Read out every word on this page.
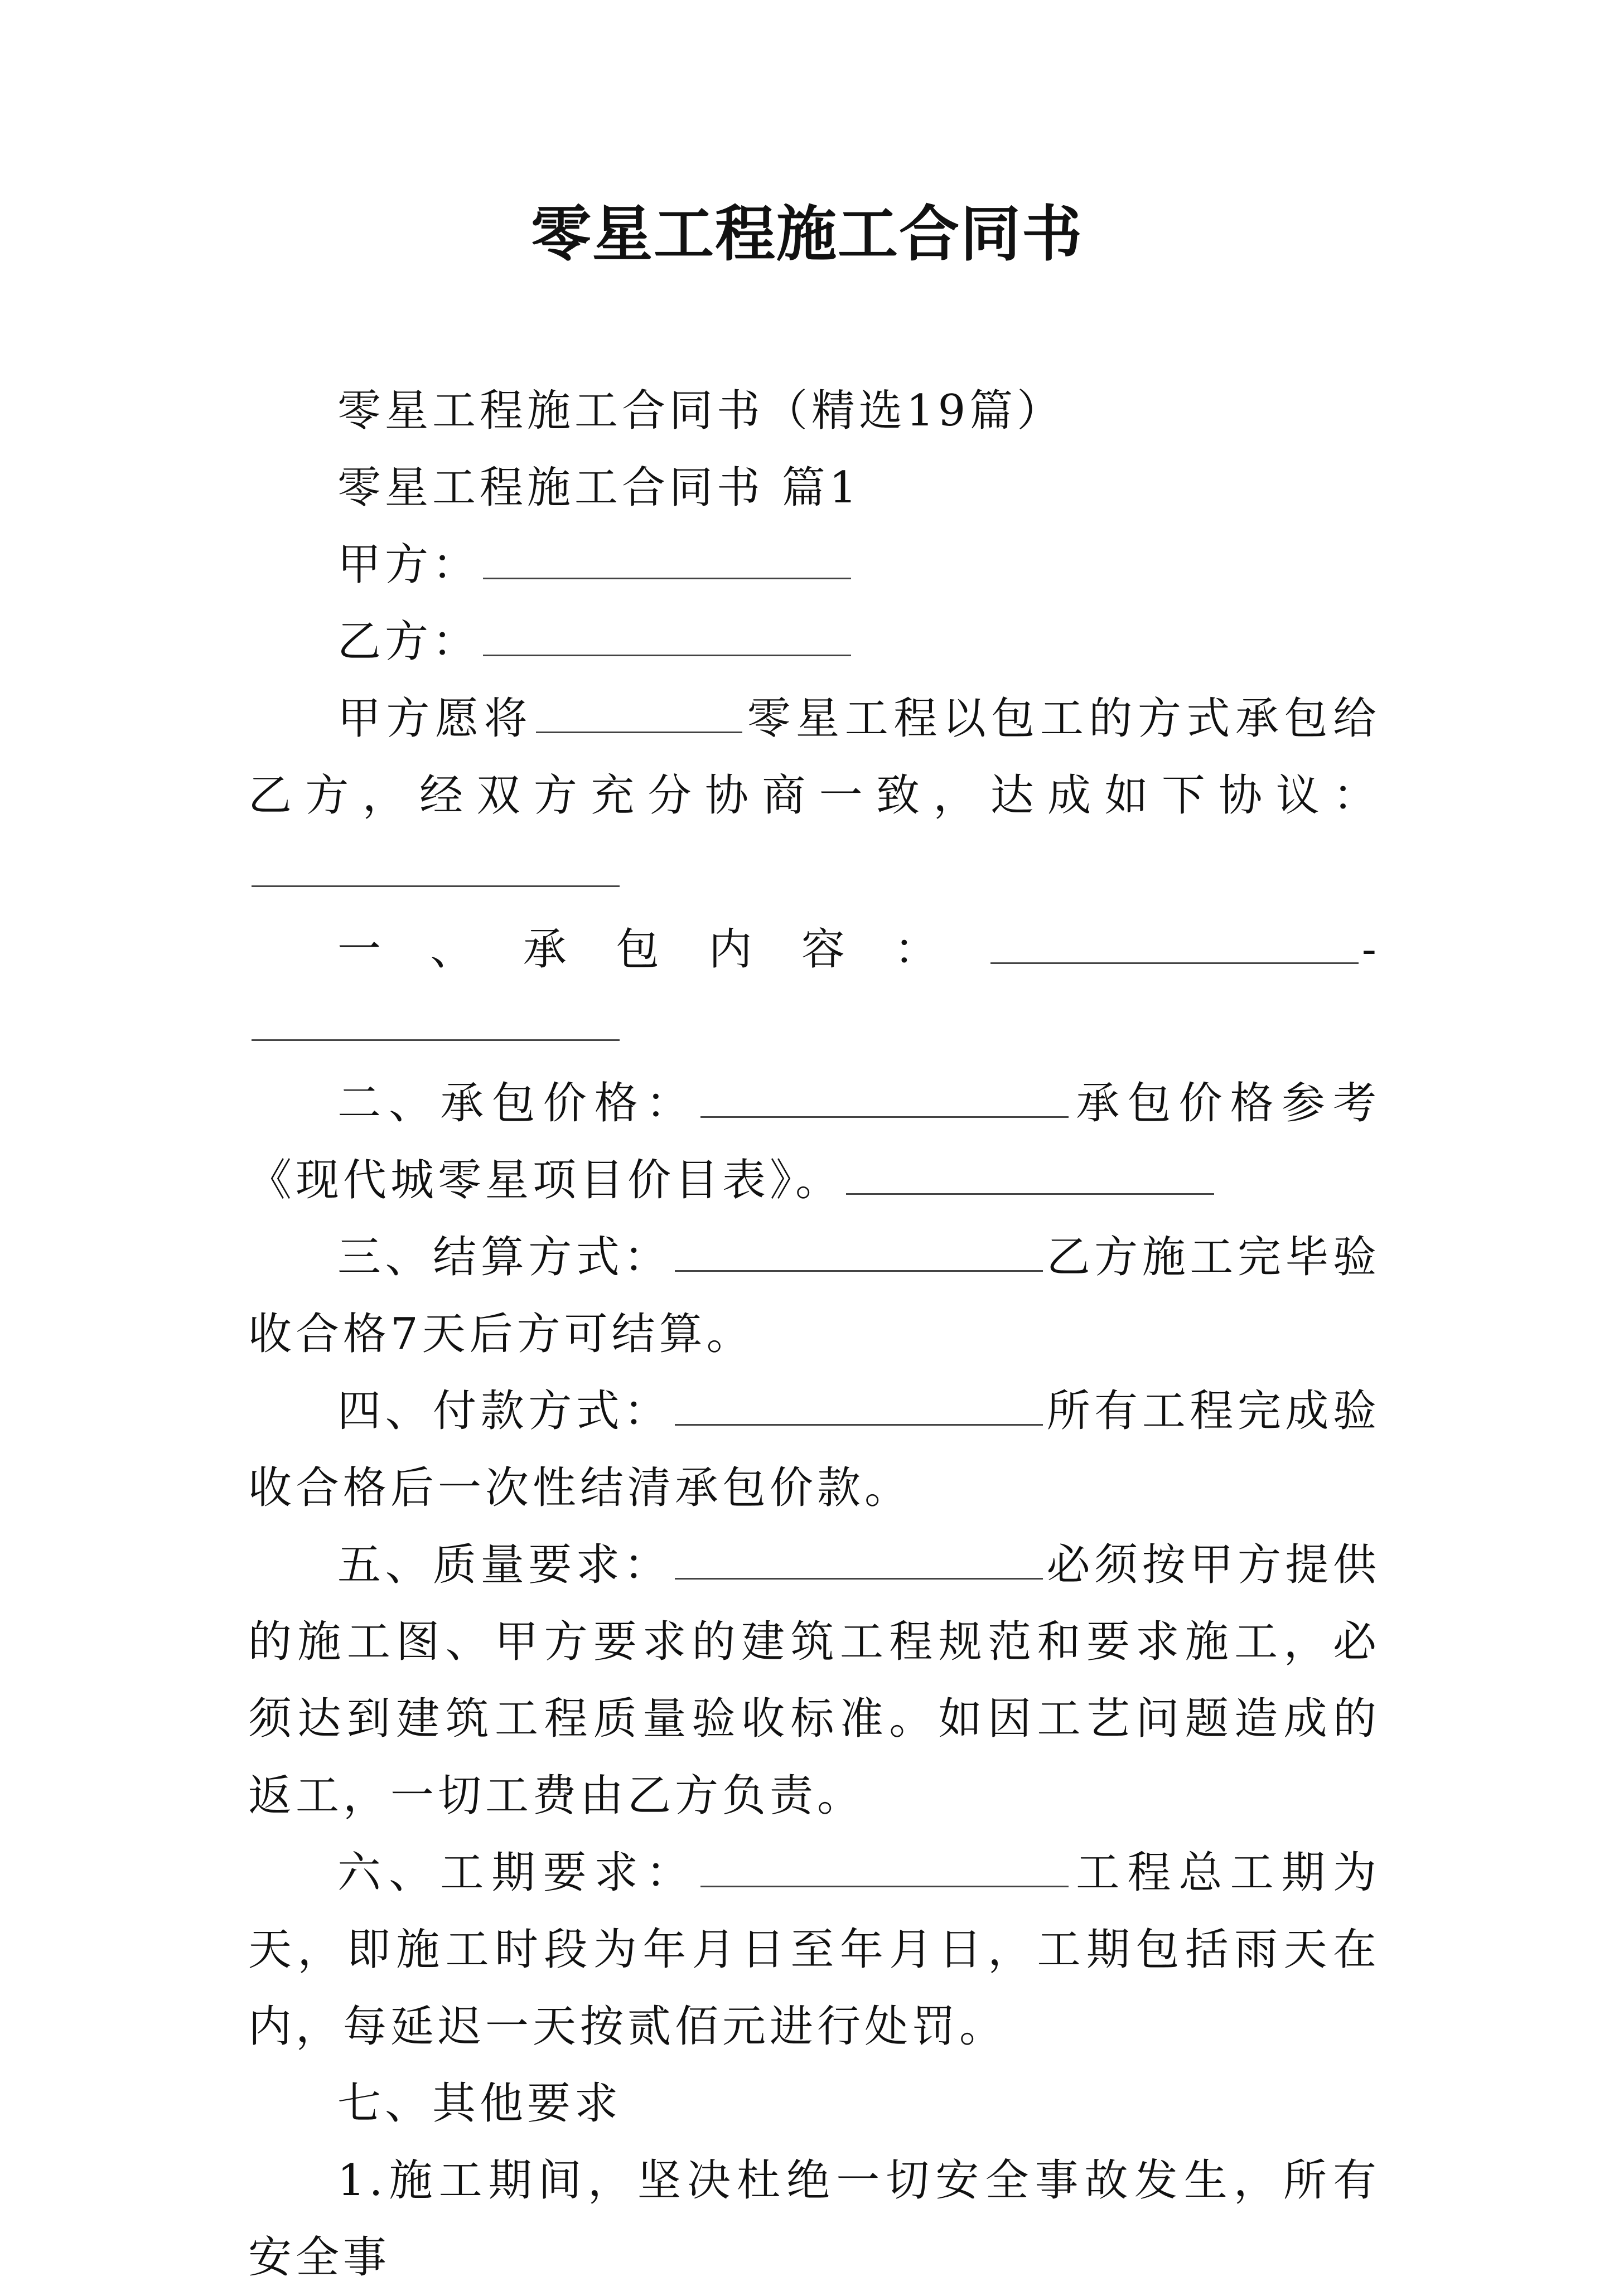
零星工程施工合同书

零星工程施工合同书（精选19篇）

零星工程施工合同书 篇1

甲方：

乙方：

甲方愿将	零星工程以包工的方式承包给乙方，经双方充分协商一致，达成如下协议：

一、承包内容：	-

二、承包价格：	承包价格参考《现代城零星项目价目表》。

三、结算方式：	乙方施工完毕验收合格7天后方可结算。

四、付款方式：	所有工程完成验收合格后一次性结清承包价款。

五、质量要求：	必须按甲方提供的施工图、甲方要求的建筑工程规范和要求施工，必须达到建筑工程质量验收标准。如因工艺问题造成的返工，一切工费由乙方负责。

六、工期要求：	工程总工期为天，即施工时段为年月日至年月日，工期包括雨天在内，每延迟一天按贰佰元进行处罚。

七、其他要求

1.施工期间，坚决杜绝一切安全事故发生，所有安全事
